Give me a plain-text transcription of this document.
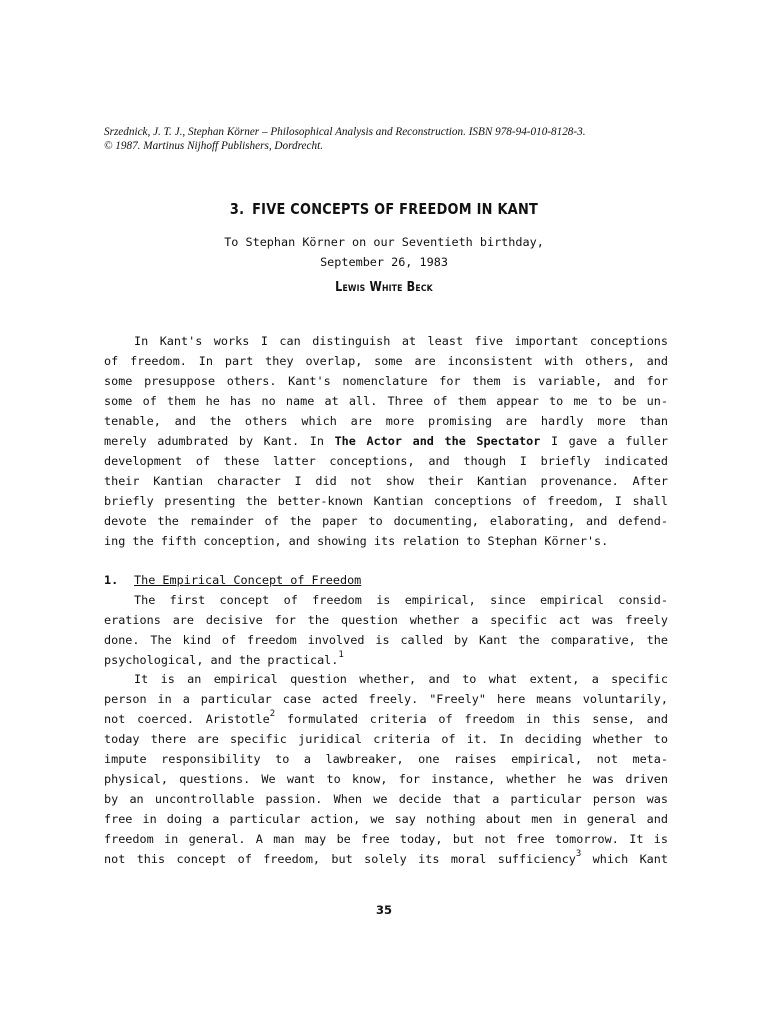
Srzednick, J. T. J., Stephan Körner – Philosophical Analysis and Reconstruction. ISBN 978-94-010-8128-3.
© 1987. Martinus Nijhoff Publishers, Dordrecht.
3. FIVE CONCEPTS OF FREEDOM IN KANT
To Stephan Körner on our Seventieth birthday,
September 26, 1983
Lewis White Beck
In Kant's works I can distinguish at least five important conceptions
of freedom. In part they overlap, some are inconsistent with others, and
some presuppose others. Kant's nomenclature for them is variable, and for
some of them he has no name at all. Three of them appear to me to be un-
tenable, and the others which are more promising are hardly more than
merely adumbrated by Kant. In The Actor and the Spectator I gave a fuller
development of these latter conceptions, and though I briefly indicated
their Kantian character I did not show their Kantian provenance. After
briefly presenting the better-known Kantian conceptions of freedom, I shall
devote the remainder of the paper to documenting, elaborating, and defend-
ing the fifth conception, and showing its relation to Stephan Körner's.
1.	The Empirical Concept of Freedom
The first concept of freedom is empirical, since empirical consid-
erations are decisive for the question whether a specific act was freely
done. The kind of freedom involved is called by Kant the comparative, the
psychological, and the practical.$^1$
It is an empirical question whether, and to what extent, a specific
person in a particular case acted freely. "Freely" here means voluntarily,
not coerced. Aristotle$^2$ formulated criteria of freedom in this sense, and
today there are specific juridical criteria of it. In deciding whether to
impute responsibility to a lawbreaker, one raises empirical, not meta-
physical, questions. We want to know, for instance, whether he was driven
by an uncontrollable passion. When we decide that a particular person was
free in doing a particular action, we say nothing about men in general and
freedom in general. A man may be free today, but not free tomorrow. It is
not this concept of freedom, but solely its moral sufficiency$^3$ which Kant
35
